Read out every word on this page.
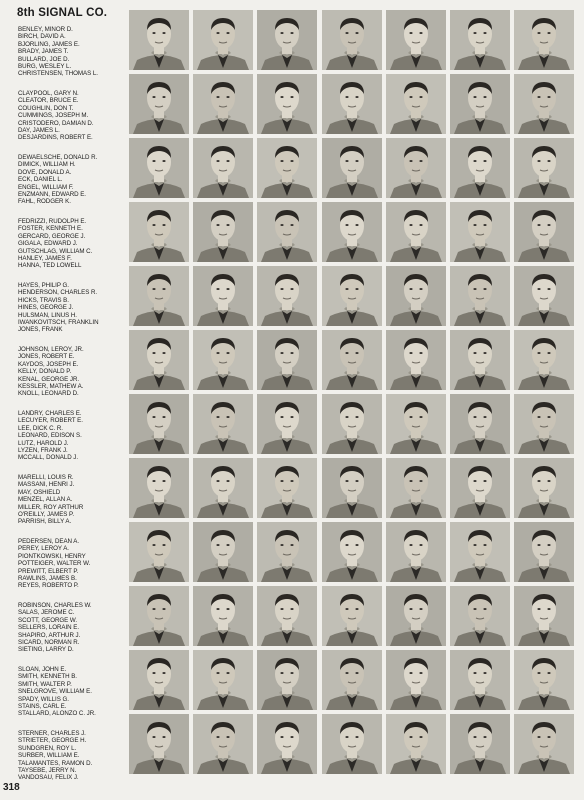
8th SIGNAL CO.
BENLEY, MINOR D.
BIRCH, DAVID A.
BJORLING, JAMES E.
BRADY, JAMES T.
BULLARD, JOE D.
BURG, WESLEY L.
CHRISTENSEN, THOMAS L.
CLAYPOOL, GARY N.
CLEATOR, BRUCE E.
COUGHLIN, DON T.
CUMMINGS, JOSEPH M.
CRISTODERO, DAMIAN D.
DAY, JAMES L.
DESJARDINS, ROBERT E.
DEWAELSCHE, DONALD R.
DIMICK, WILLIAM H.
DOVE, DONALD A.
ECK, DANIEL L.
ENGEL, WILLIAM F.
ENZMANN, EDWARD E.
FAHL, RODGER K.
FEDRIZZI, RUDOLPH E.
FOSTER, KENNETH E.
GERCARD, GEORGE J.
GIGALA, EDWARD J.
GUTSCHLAG, WILLIAM C.
HANLEY, JAMES F.
HANNA, TED LOWELL
HAYES, PHILIP G.
HENDERSON, CHARLES R.
HICKS, TRAVIS B.
HINES, GEORGE J.
HULSMAN, LINUS H.
IWANKOVITSCH, FRANKLIN
JONES, FRANK
JOHNSON, LEROY, JR.
JONES, ROBERT E.
KAYDOS, JOSEPH E.
KELLY, DONALD P.
KENAL, GEORGE JR.
KESSLER, MATHEW A.
KNOLL, LEONARD D.
LANDRY, CHARLES E.
LECUYER, ROBERT E.
LEE, DICK C. R.
LEONARD, EDISON S.
LUTZ, HAROLD J.
LYZEN, FRANK J.
MCCALL, DONALD J.
MARELLI, LOUIS R.
MASSANI, HENRI J.
MAY, OSHIELD
MENZEL, ALLAN A.
MILLER, ROY ARTHUR
O'REILLY, JAMES P.
PARRISH, BILLY A.
PEDERSEN, DEAN A.
PEREY, LEROY A.
PIONTKOWSKI, HENRY
POTTEIGER, WALTER W.
PREWITT, ELBERT P.
RAWLINS, JAMES B.
REYES, ROBERTO P.
ROBINSON, CHARLES W.
SALAS, JEROME C.
SCOTT, GEORGE W.
SELLERS, LORAIN E.
SHAPIRO, ARTHUR J.
SICARD, NORMAN R.
SIETING, LARRY D.
SLOAN, JOHN E.
SMITH, KENNETH B.
SMITH, WALTER P.
SNELGROVE, WILLIAM E.
SPADY, WILLIS G.
STAINS, CARL E.
STALLARD, ALONZO C. JR.
STERNER, CHARLES J.
STRIETER, GEORGE H.
SUNDGREN, ROY L.
SURBER, WILLIAM E.
TALAMANTES, RAMON D.
TAYSEBE, JERRY N.
VANDOSAU, FELIX J.
318
